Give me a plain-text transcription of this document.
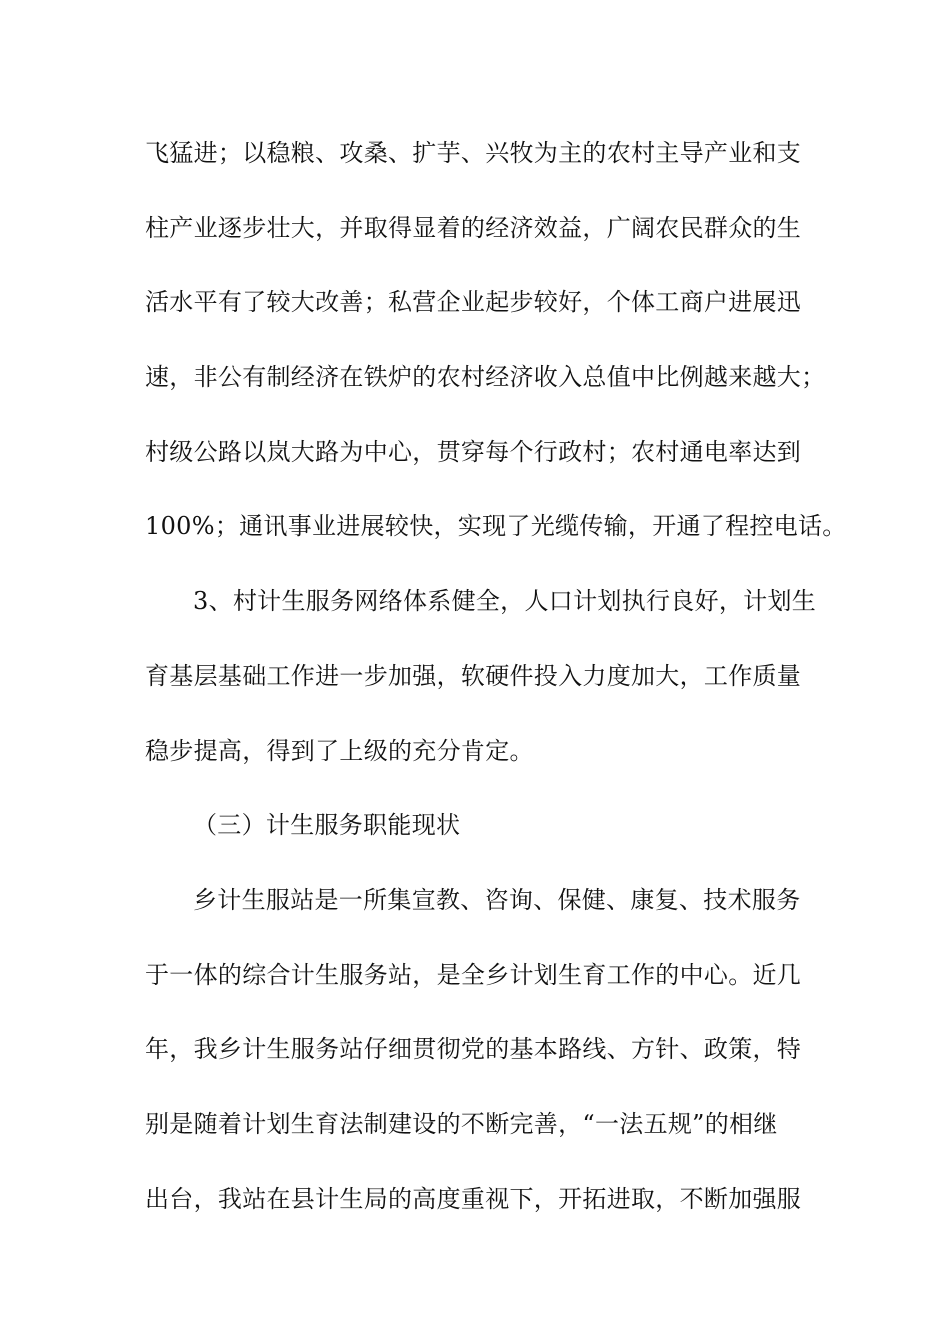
飞猛进；以稳粮、攻桑、扩芋、兴牧为主的农村主导产业和支
柱产业逐步壮大，并取得显着的经济效益，广阔农民群众的生
活水平有了较大改善；私营企业起步较好，个体工商户进展迅
速，非公有制经济在铁炉的农村经济收入总值中比例越来越大；
村级公路以岚大路为中心，贯穿每个行政村；农村通电率达到
100%；通讯事业进展较快，实现了光缆传输，开通了程控电话。
3、村计生服务网络体系健全，人口计划执行良好，计划生
育基层基础工作进一步加强，软硬件投入力度加大，工作质量
稳步提高，得到了上级的充分肯定。
（三）计生服务职能现状
乡计生服站是一所集宣教、咨询、保健、康复、技术服务
于一体的综合计生服务站，是全乡计划生育工作的中心。近几
年，我乡计生服务站仔细贯彻党的基本路线、方针、政策，特
别是随着计划生育法制建设的不断完善，“一法五规”的相继
出台，我站在县计生局的高度重视下，开拓进取，不断加强服
